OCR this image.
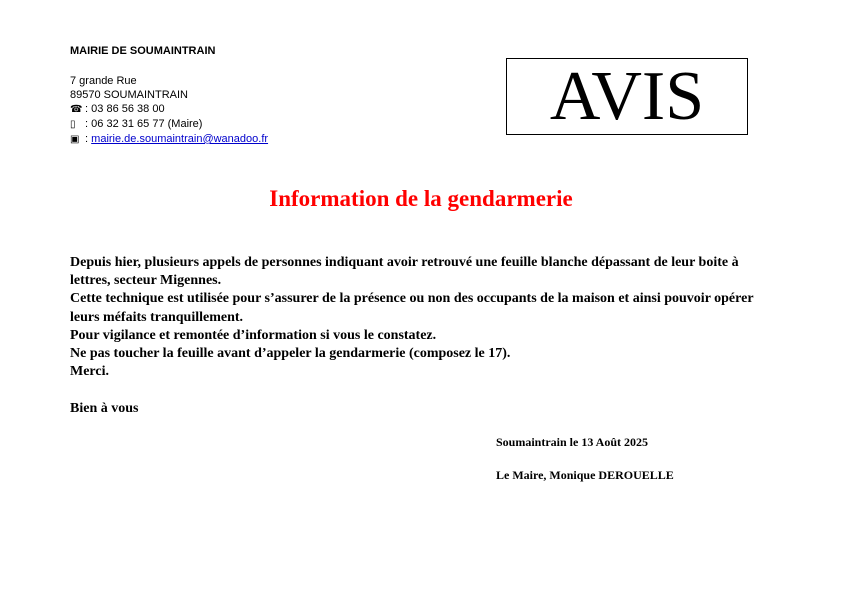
MAIRIE DE SOUMAINTRAIN
7 grande Rue
89570 SOUMAINTRAIN
☎ : 03 86 56 38 00
▯ : 06 32 31 65 77 (Maire)
▣ : mairie.de.soumaintrain@wanadoo.fr
AVIS
Information de la gendarmerie

Depuis hier, plusieurs appels de personnes indiquant avoir retrouvé une feuille blanche dépassant de leur boite à lettres, secteur Migennes.

Cette technique est utilisée pour s’assurer de la présence ou non des occupants de la maison et ainsi pouvoir opérer leurs méfaits tranquillement.

Pour vigilance et remontée d’information si vous le constatez.

Ne pas toucher la feuille avant d’appeler la gendarmerie (composez le 17).

Merci.

Bien à vous
Soumaintrain le 13 Août 2025
Le Maire, Monique DEROUELLE
